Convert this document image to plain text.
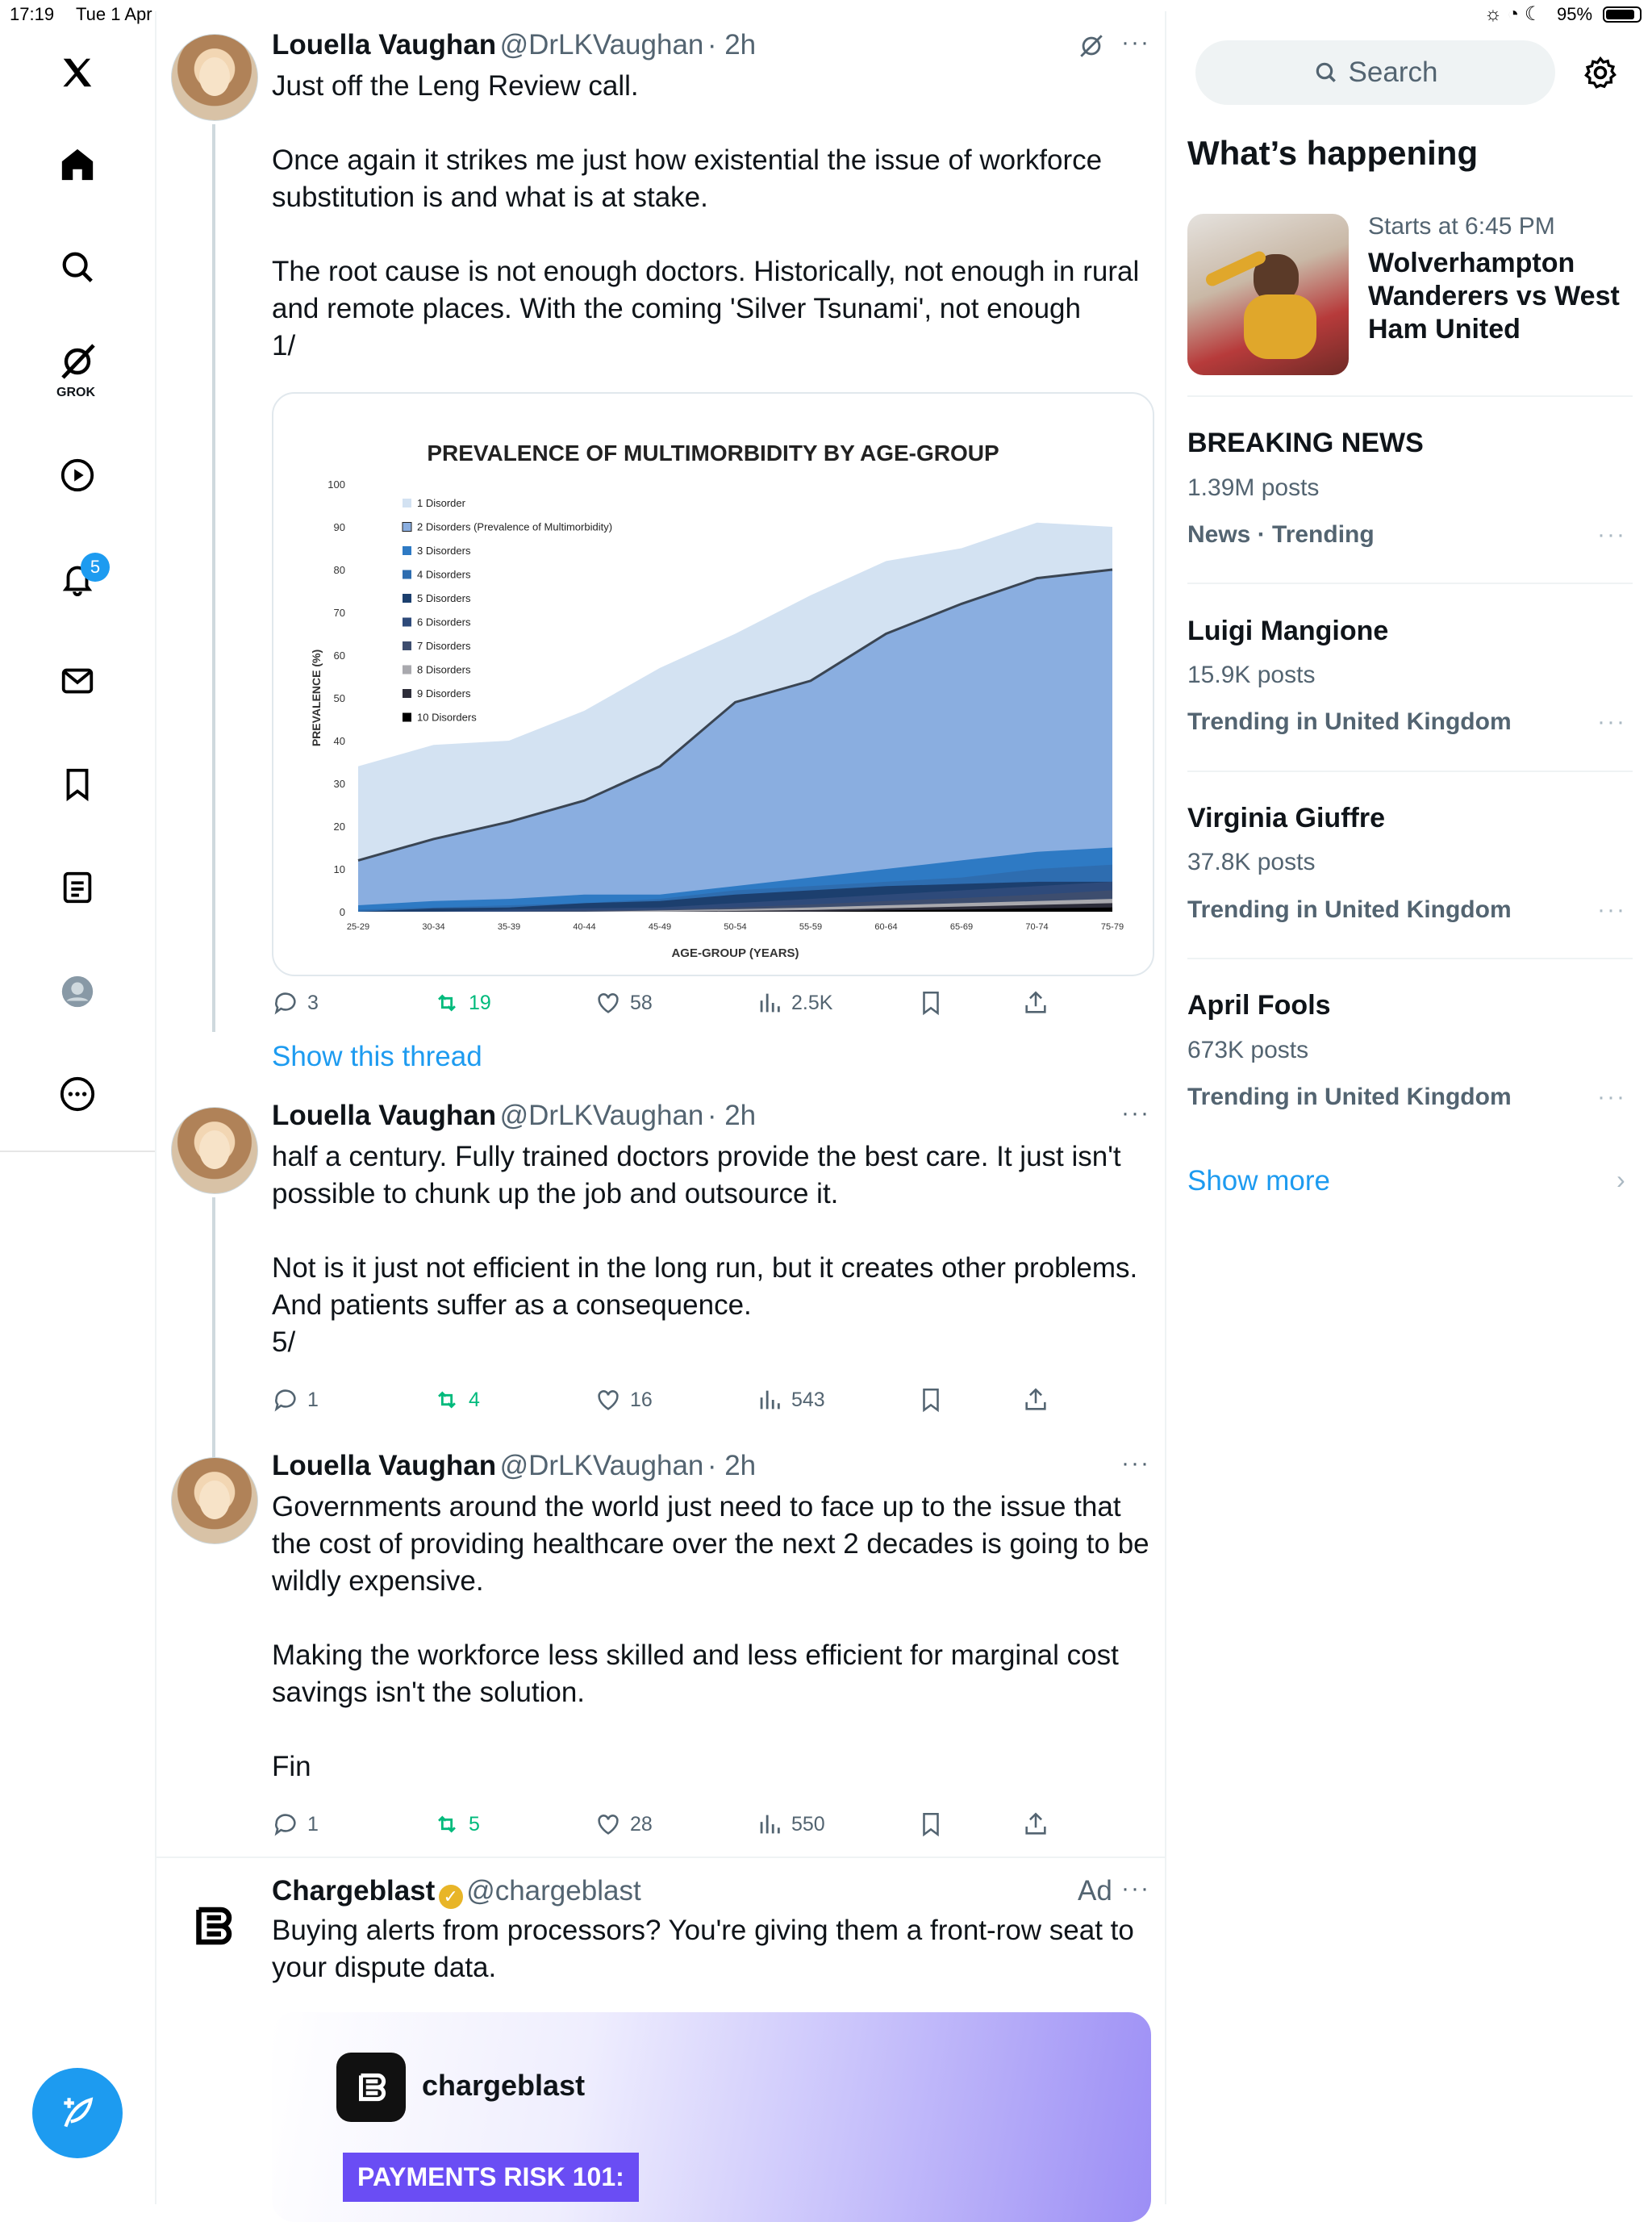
17:19 Tue 1 Apr	☼ ◔ ☾ 95%
GROK
5
Louella Vaughan @DrLKVaughan · 2h	···
Just off the Leng Review call.

Once again it strikes me just how existential the issue of workforce substitution is and what is at stake.

The root cause is not enough doctors. Historically, not enough in rural and remote places. With the coming 'Silver Tsunami', not enough
1/
0
10
20
30
40
50
60
70
80
90
100
25-29	30-34	35-39	40-44	45-49	50-54	55-59	60-64	65-69	70-74	75-79
PREVALENCE OF MULTIMORBIDITY BY AGE-GROUP
AGE-GROUP (YEARS)
PREVALENCE (%)
1 Disorder
2 Disorders (Prevalence of Multimorbidity)
3 Disorders
4 Disorders
5 Disorders
6 Disorders
7 Disorders
8 Disorders
9 Disorders
10 Disorders
3	19	58	2.5K
Show this thread
Louella Vaughan @DrLKVaughan · 2h	···
half a century. Fully trained doctors provide the best care. It just isn't possible to chunk up the job and outsource it.

Not is it just not efficient in the long run, but it creates other problems. And patients suffer as a consequence.
5/
1	4	16	543
Louella Vaughan @DrLKVaughan · 2h	···
Governments around the world just need to face up to the issue that the cost of providing healthcare over the next 2 decades is going to be wildly expensive.

Making the workforce less skilled and less efficient for marginal cost savings isn't the solution.

Fin
1	5	28	550
Chargeblast ✓ @chargeblast	Ad ···
Buying alerts from processors? You're giving them a front-row seat to your dispute data.
chargeblast
PAYMENTS RISK 101:
Search
What’s happening
Starts at 6:45 PM
Wolverhampton Wanderers vs West Ham United
BREAKING NEWS
1.39M posts
News · Trending	···
Luigi Mangione
15.9K posts
Trending in United Kingdom	···
Virginia Giuffre
37.8K posts
Trending in United Kingdom	···
April Fools
673K posts
Trending in United Kingdom	···
Show more	›
